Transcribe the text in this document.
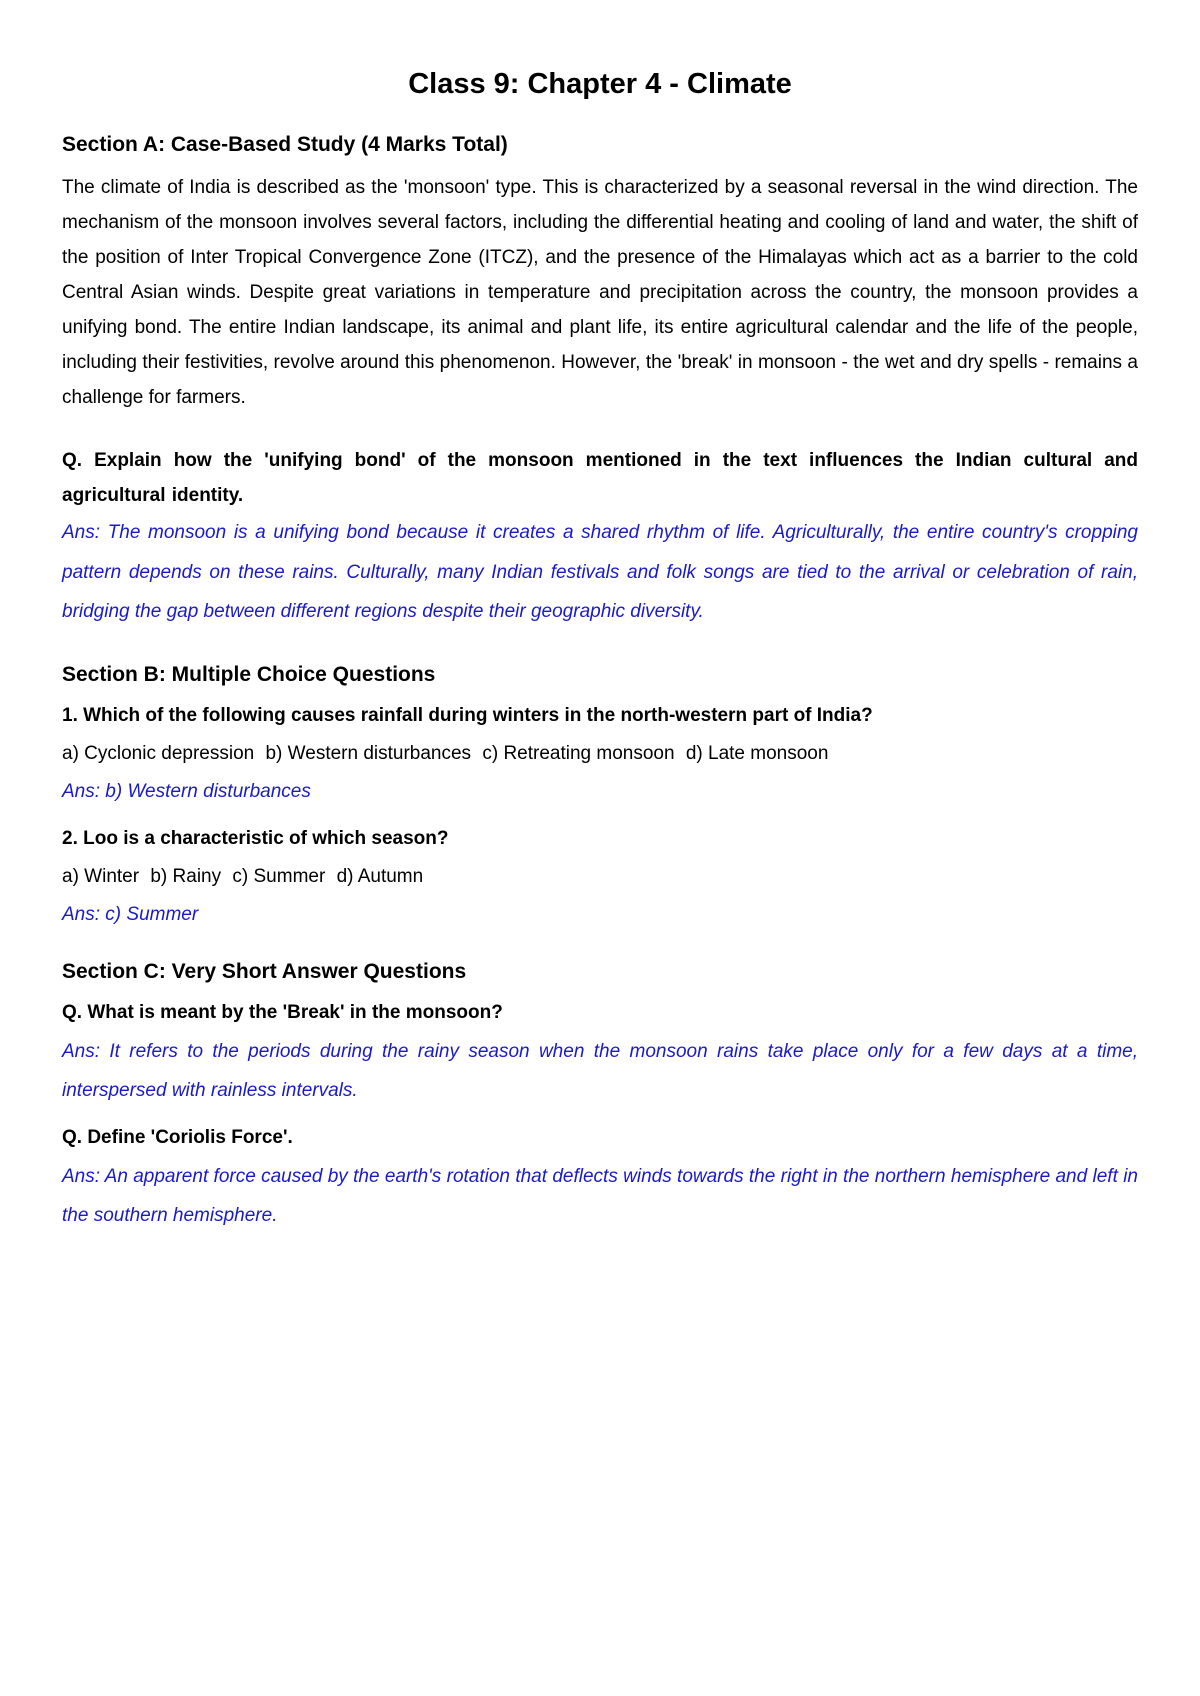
Class 9: Chapter 4 - Climate
Section A: Case-Based Study (4 Marks Total)

The climate of India is described as the 'monsoon' type. This is characterized by a seasonal reversal in the wind direction. The mechanism of the monsoon involves several factors, including the differential heating and cooling of land and water, the shift of the position of Inter Tropical Convergence Zone (ITCZ), and the presence of the Himalayas which act as a barrier to the cold Central Asian winds. Despite great variations in temperature and precipitation across the country, the monsoon provides a unifying bond. The entire Indian landscape, its animal and plant life, its entire agricultural calendar and the life of the people, including their festivities, revolve around this phenomenon. However, the 'break' in monsoon - the wet and dry spells - remains a challenge for farmers.

Q. Explain how the 'unifying bond' of the monsoon mentioned in the text influences the Indian cultural and agricultural identity.

Ans: The monsoon is a unifying bond because it creates a shared rhythm of life. Agriculturally, the entire country's cropping pattern depends on these rains. Culturally, many Indian festivals and folk songs are tied to the arrival or celebration of rain, bridging the gap between different regions despite their geographic diversity.

Section B: Multiple Choice Questions

1. Which of the following causes rainfall during winters in the north-western part of India?

a) Cyclonic depression b) Western disturbances c) Retreating monsoon d) Late monsoon

Ans: b) Western disturbances

2. Loo is a characteristic of which season?

a) Winter b) Rainy c) Summer d) Autumn

Ans: c) Summer

Section C: Very Short Answer Questions

Q. What is meant by the 'Break' in the monsoon?

Ans: It refers to the periods during the rainy season when the monsoon rains take place only for a few days at a time, interspersed with rainless intervals.

Q. Define 'Coriolis Force'.

Ans: An apparent force caused by the earth's rotation that deflects winds towards the right in the northern hemisphere and left in the southern hemisphere.
